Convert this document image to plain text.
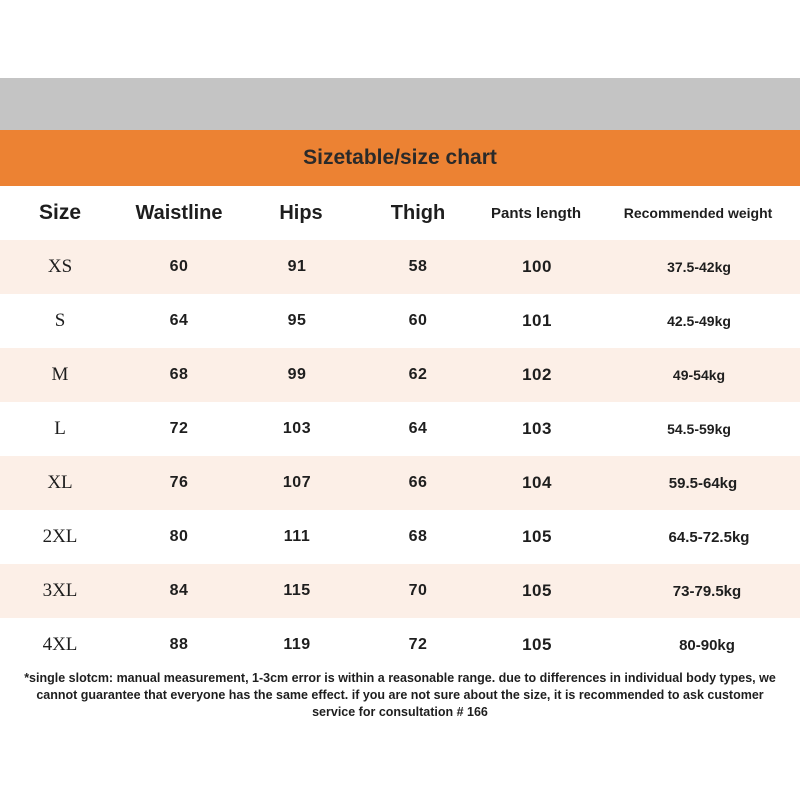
Sizetable/size chart
Size	Waistline	Hips	Thigh	Pants length	Recommended weight
XS	60	91	58	100	37.5-42kg
S	64	95	60	101	42.5-49kg
M	68	99	62	102	49-54kg
L	72	103	64	103	54.5-59kg
XL	76	107	66	104	59.5-64kg
2XL	80	111	68	105	64.5-72.5kg
3XL	84	115	70	105	73-79.5kg
4XL	88	119	72	105	80-90kg
*single slotcm: manual measurement, 1-3cm error is within a reasonable range. due to differences in individual body types, we cannot guarantee that everyone has the same effect. if you are not sure about the size, it is recommended to ask customer service for consultation # 166
